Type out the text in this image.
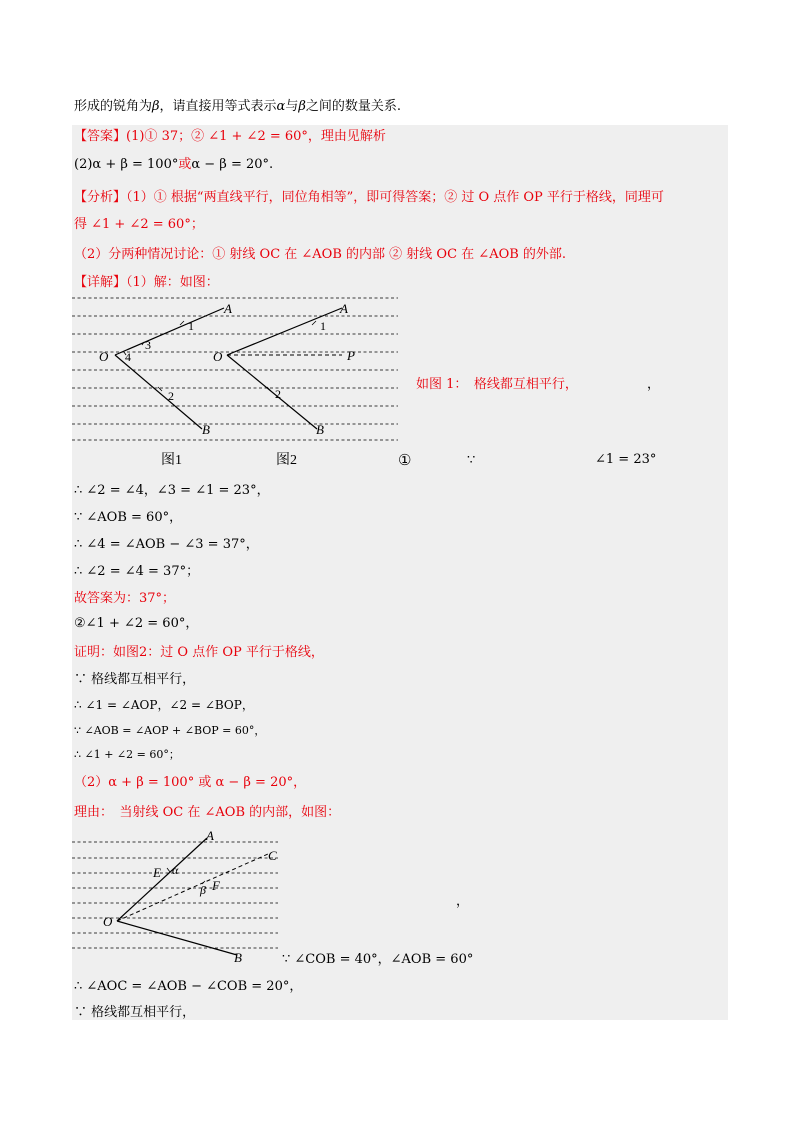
形成的锐角为β，请直接用等式表示α与β之间的数量关系.
【答案】(1)① 37；② ∠1 + ∠2 = 60°，理由见解析
(2)α + β = 100°或α − β = 20°.
【分析】（1）① 根据“两直线平行，同位角相等”，即可得答案；② 过 O 点作 OP 平行于格线，同理可
得 ∠1 + ∠2 = 60°；
（2）分两种情况讨论：① 射线 OC 在 ∠AOB 的内部 ② 射线 OC 在 ∠AOB 的外部.
【详解】（1）解：如图：
A
O
B
A
O
B
P
1
2
3
4
1
2
图1	图2
如图 1：　格线都互相平行，	，
①	∵	∠1 = 23°
∴ ∠2 = ∠4，∠3 = ∠1 = 23°，
∵ ∠AOB = 60°，
∴ ∠4 = ∠AOB − ∠3 = 37°，
∴ ∠2 = ∠4 = 37°；
故答案为：37°；
②∠1 + ∠2 = 60°，
证明：如图2：过 O 点作 OP 平行于格线，
∵ 格线都互相平行，
∴ ∠1 = ∠AOP，∠2 = ∠BOP，
∵ ∠AOB = ∠AOP + ∠BOP = 60°，
∴ ∠1 + ∠2 = 60°；
（2）α + β = 100° 或 α − β = 20°，
理由：　当射线 OC 在 ∠AOB 的内部，如图：
A
C
E
F
O
B
α
β
，
∵ ∠COB = 40°，∠AOB = 60°
∴ ∠AOC = ∠AOB − ∠COB = 20°，
∵ 格线都互相平行，
